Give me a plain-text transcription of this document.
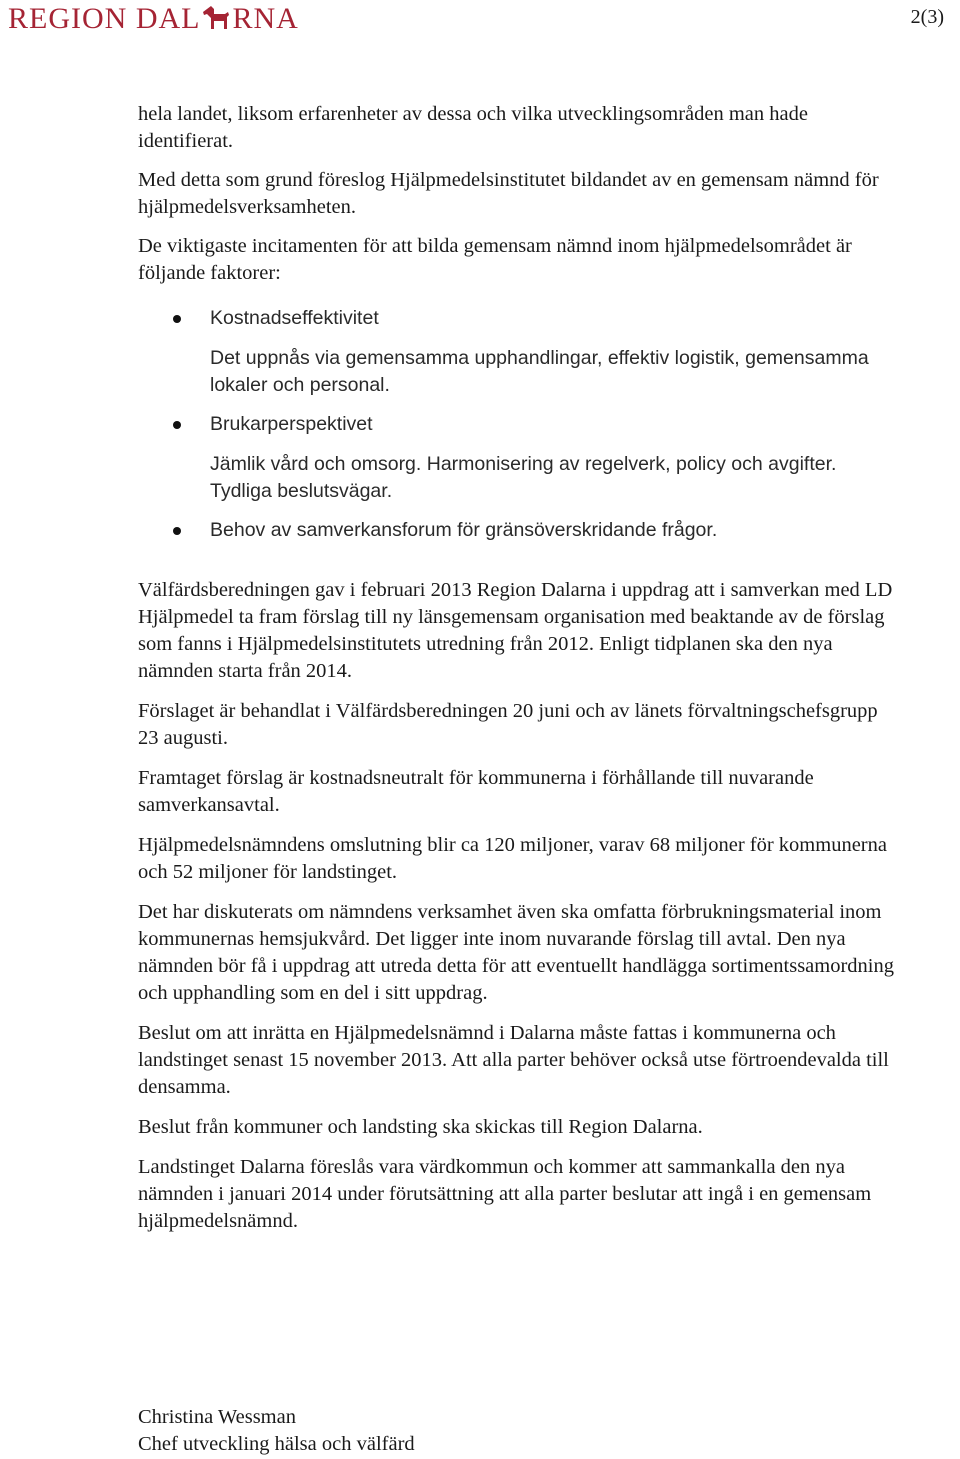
REGION DAL RNA	2(3)

hela landet, liksom erfarenheter av dessa och vilka utvecklingsområden man hade identifierat.

Med detta som grund föreslog Hjälpmedelsinstitutet bildandet av en gemensam nämnd för hjälpmedelsverksamheten.

De viktigaste incitamenten för att bilda gemensam nämnd inom hjälpmedelsområdet är följande faktorer:

Kostnadseffektivitet
Det uppnås via gemensamma upphandlingar, effektiv logistik, gemensamma lokaler och personal.
Brukarperspektivet
Jämlik vård och omsorg. Harmonisering av regelverk, policy och avgifter. Tydliga beslutsvägar.
Behov av samverkansforum för gränsöverskridande frågor.

Välfärdsberedningen gav i februari 2013 Region Dalarna i uppdrag att i samverkan med LD Hjälpmedel ta fram förslag till ny länsgemensam organisation med beaktande av de förslag som fanns i Hjälpmedelsinstitutets utredning från 2012. Enligt tidplanen ska den nya nämnden starta från 2014.

Förslaget är behandlat i Välfärdsberedningen 20 juni och av länets förvaltningschefsgrupp 23 augusti.

Framtaget förslag är kostnadsneutralt för kommunerna i förhållande till nuvarande samverkansavtal.

Hjälpmedelsnämndens omslutning blir ca 120 miljoner, varav 68 miljoner för kommunerna och 52 miljoner för landstinget.

Det har diskuterats om nämndens verksamhet även ska omfatta förbrukningsmaterial inom kommunernas hemsjukvård. Det ligger inte inom nuvarande förslag till avtal. Den nya nämnden bör få i uppdrag att utreda detta för att eventuellt handlägga sortimentssamordning och upphandling som en del i sitt uppdrag.

Beslut om att inrätta en Hjälpmedelsnämnd i Dalarna måste fattas i kommunerna och landstinget senast 15 november 2013. Att alla parter behöver också utse förtroendevalda till densamma.

Beslut från kommuner och landsting ska skickas till Region Dalarna.

Landstinget Dalarna föreslås vara värdkommun och kommer att sammankalla den nya nämnden i januari 2014 under förutsättning att alla parter beslutar att ingå i en gemensam hjälpmedelsnämnd.

Christina Wessman
Chef utveckling hälsa och välfärd
